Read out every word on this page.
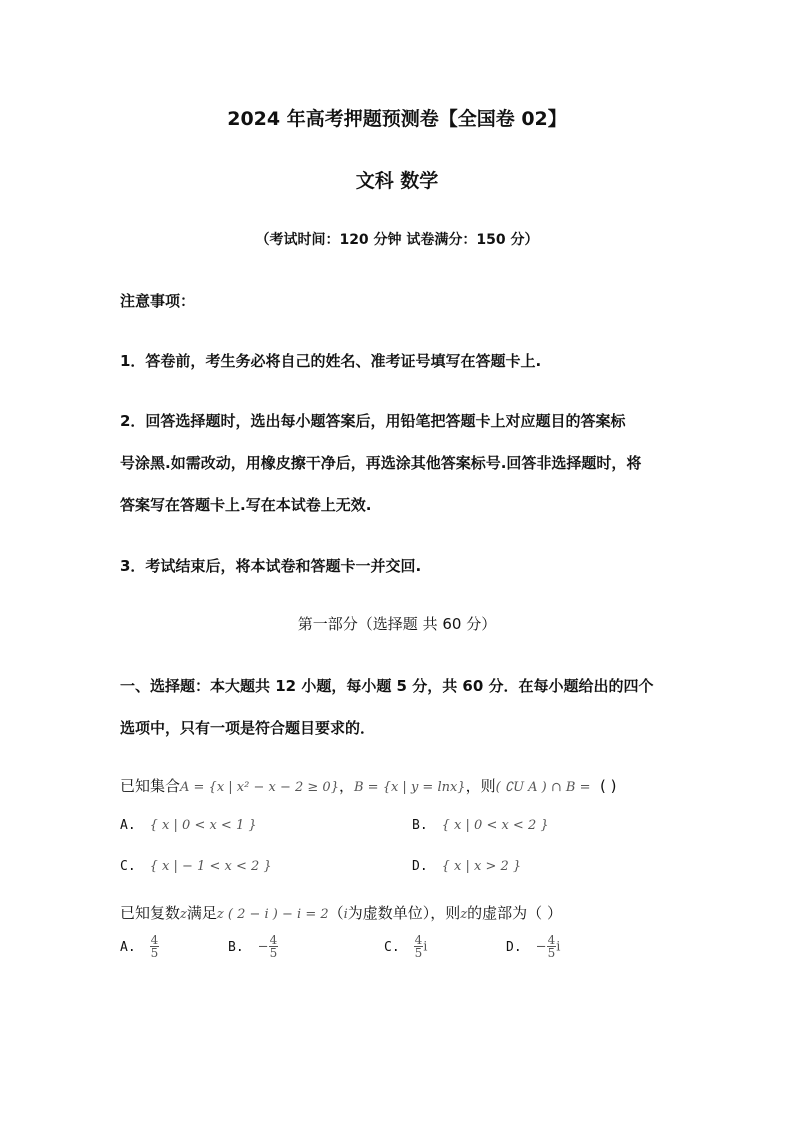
2024 年高考押题预测卷【全国卷 02】
文科 数学
（考试时间：120 分钟 试卷满分：150 分）
注意事项：
1．答卷前，考生务必将自己的姓名、准考证号填写在答题卡上.
2．回答选择题时，选出每小题答案后，用铅笔把答题卡上对应题目的答案标
号涂黑.如需改动，用橡皮擦干净后，再选涂其他答案标号.回答非选择题时，将
答案写在答题卡上.写在本试卷上无效.
3．考试结束后，将本试卷和答题卡一并交回.
第一部分（选择题 共 60 分）
一、选择题：本大题共 12 小题，每小题 5 分，共 60 分．在每小题给出的四个
选项中，只有一项是符合题目要求的．
已知集合A = {x | x² − x − 2 ≥ 0}，B = {x | y = lnx}，则( ∁U A ) ∩ B = ( )
A. { x | 0 < x < 1 }	B. { x | 0 < x < 2 }
C. { x | − 1 < x < 2 }	D. { x | x > 2 }
已知复数z满足z ( 2 − i ) − i = 2（i为虚数单位），则z的虚部为（ ）
A. $\frac{4}{5}$	B. − $\frac{4}{5}$	C. $\frac{4}{5}$ i	D. − $\frac{4}{5}$ i
